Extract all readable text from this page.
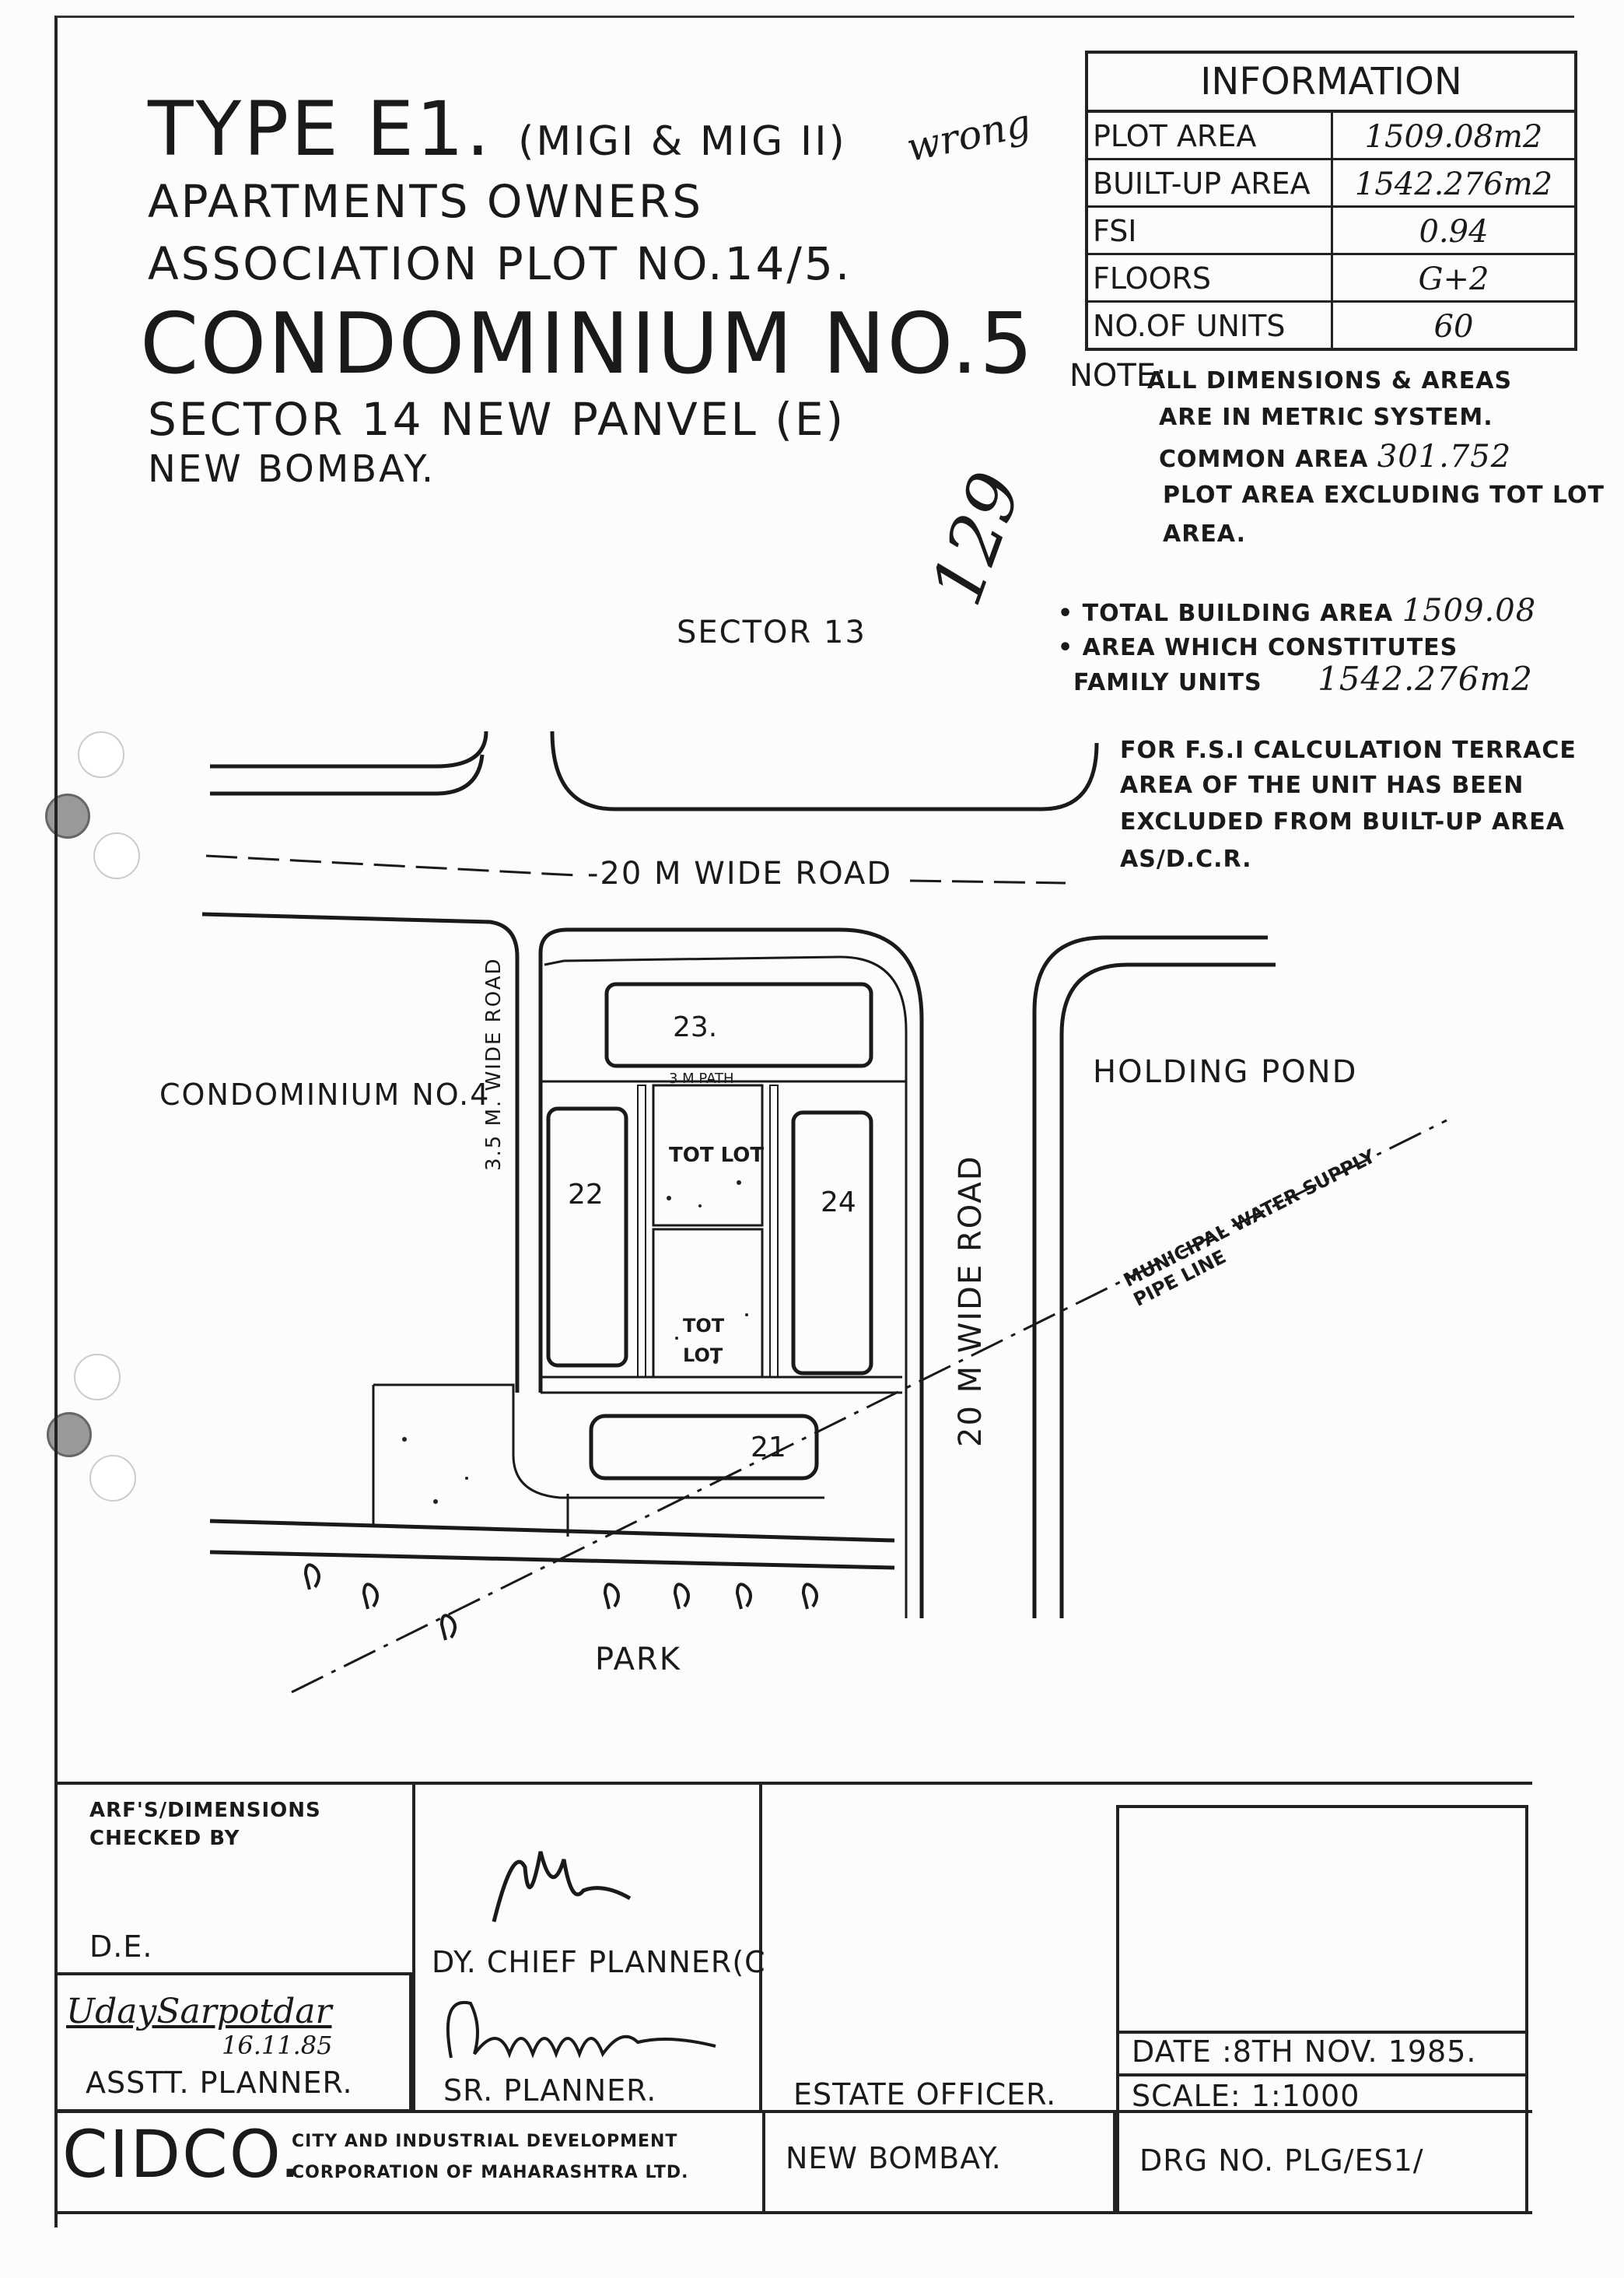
TYPE E1. (MIGI & MIG II)
APARTMENTS OWNERS
ASSOCIATION PLOT NO.14/5.
CONDOMINIUM NO.5
SECTOR 14 NEW PANVEL (E)
NEW BOMBAY.
wrong
129
INFORMATION
PLOT AREA	1509.08m2
BUILT-UP AREA	1542.276m2
FSI	0.94
FLOORS	G+2
NO.OF UNITS	60
NOTE:
ALL DIMENSIONS & AREAS
ARE IN METRIC SYSTEM.
COMMON AREA 301.752
PLOT AREA EXCLUDING TOT LOT
AREA.
• TOTAL BUILDING AREA 1509.08
• AREA WHICH CONSTITUTES
FAMILY UNITS 1542.276m2
FOR F.S.I CALCULATION TERRACE
AREA OF THE UNIT HAS BEEN
EXCLUDED FROM BUILT-UP AREA
AS/D.C.R.
SECTOR 13
-20 M WIDE ROAD
CONDOMINIUM NO.4
3.5 M. WIDE ROAD
20 M WIDE ROAD
HOLDING POND
MUNICIPAL WATER SUPPLY PIPE LINE
PARK
3 M PATH
TOT LOT
TOT
LOT
23.
22	24
21
ARF'S/DIMENSIONS
CHECKED BY
D.E.	DY. CHIEF PLANNER(C
UdaySarpotdar
16.11.85
ASSTT. PLANNER.	SR. PLANNER.	ESTATE OFFICER.
DATE :8TH NOV. 1985.
SCALE: 1:1000
CIDCO.
CITY AND INDUSTRIAL DEVELOPMENT
CORPORATION OF MAHARASHTRA LTD.	NEW BOMBAY.	DRG NO. PLG/ES1/
